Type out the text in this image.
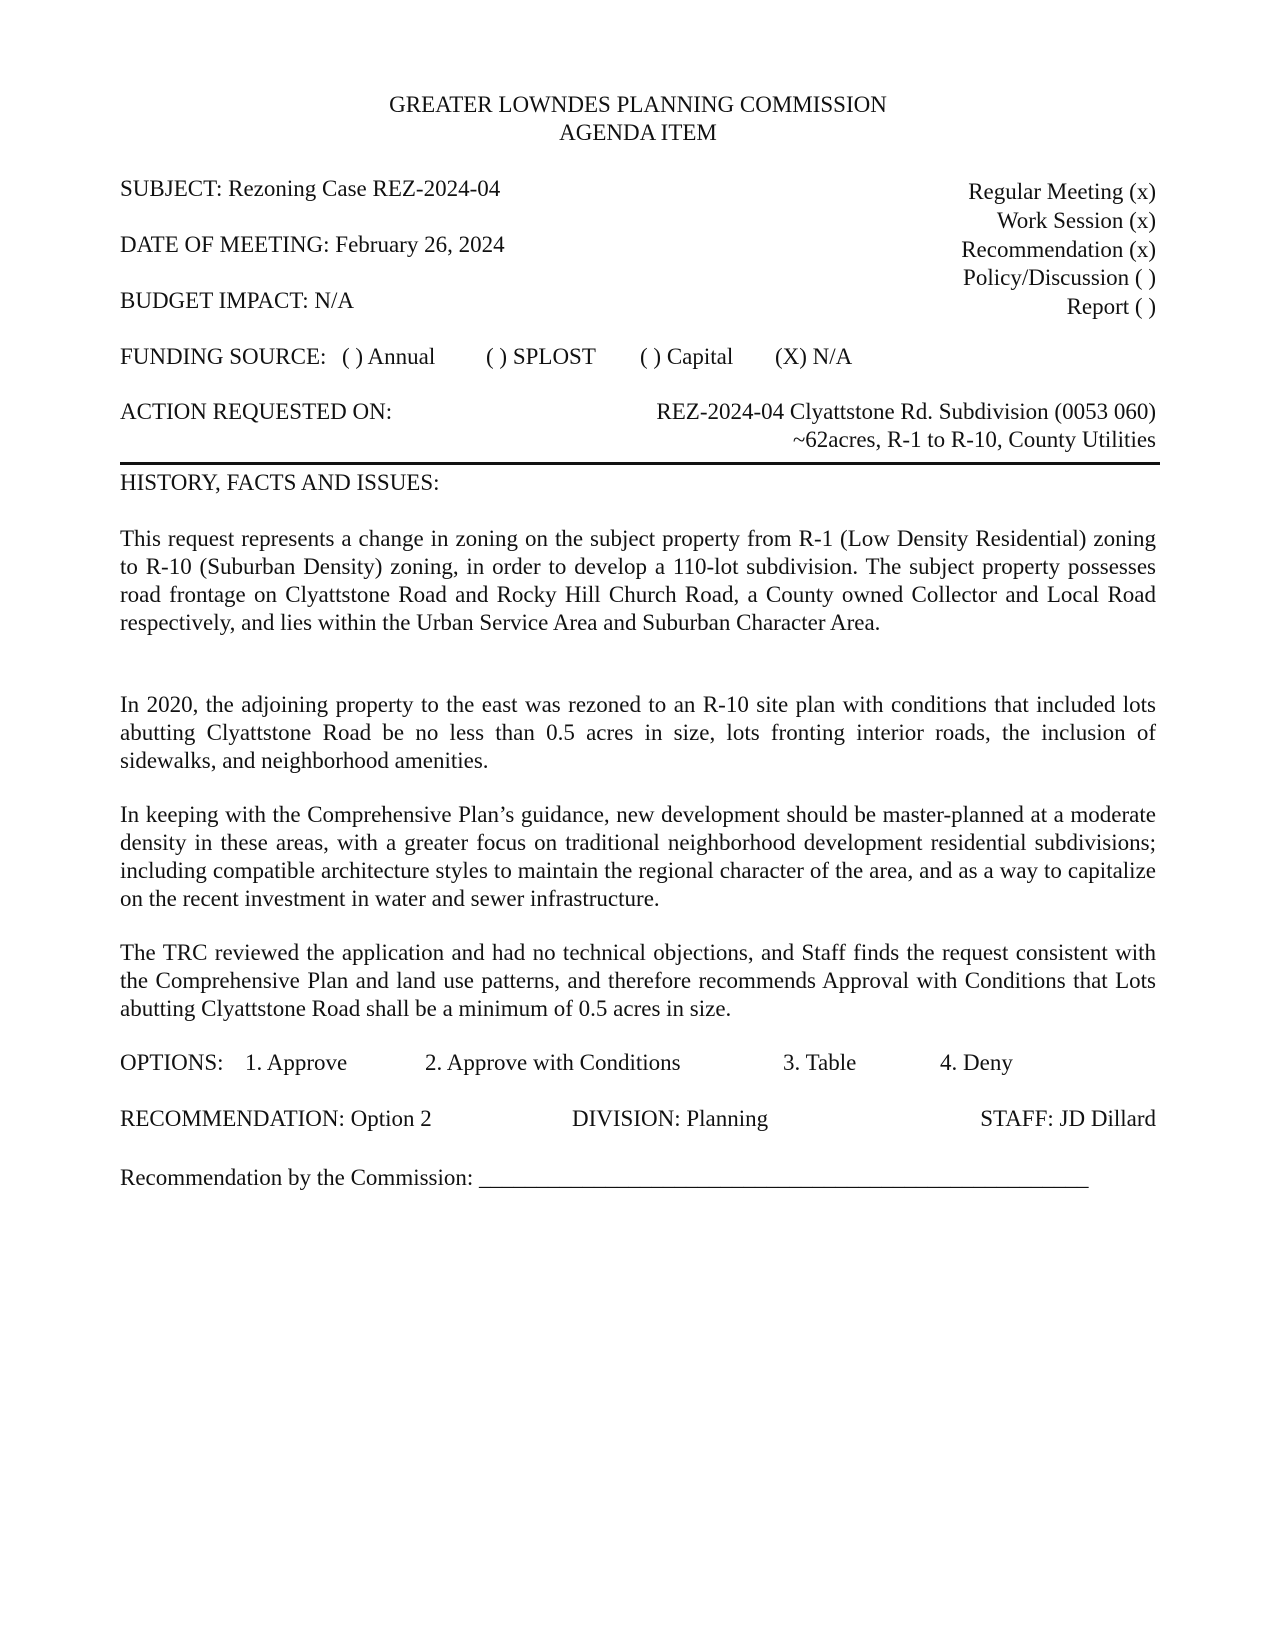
GREATER LOWNDES PLANNING COMMISSION
AGENDA ITEM
SUBJECT: Rezoning Case REZ-2024-04
DATE OF MEETING: February 26, 2024
BUDGET IMPACT: N/A
Regular Meeting (x)
Work Session (x)
Recommendation (x)
Policy/Discussion ( )
Report ( )
FUNDING SOURCE: ( ) Annual ( ) SPLOST ( ) Capital (X) N/A
ACTION REQUESTED ON:	REZ-2024-04 Clyattstone Rd. Subdivision (0053 060)
~62acres, R-1 to R-10, County Utilities
HISTORY, FACTS AND ISSUES:
This request represents a change in zoning on the subject property from R-1 (Low Density Residential) zoning to R-10 (Suburban Density) zoning, in order to develop a 110-lot subdivision. The subject property possesses road frontage on Clyattstone Road and Rocky Hill Church Road, a County owned Collector and Local Road respectively, and lies within the Urban Service Area and Suburban Character Area.
In 2020, the adjoining property to the east was rezoned to an R-10 site plan with conditions that included lots abutting Clyattstone Road be no less than 0.5 acres in size, lots fronting interior roads, the inclusion of sidewalks, and neighborhood amenities.
In keeping with the Comprehensive Plan’s guidance, new development should be master-planned at a moderate density in these areas, with a greater focus on traditional neighborhood development residential subdivisions; including compatible architecture styles to maintain the regional character of the area, and as a way to capitalize on the recent investment in water and sewer infrastructure.
The TRC reviewed the application and had no technical objections, and Staff finds the request consistent with the Comprehensive Plan and land use patterns, and therefore recommends Approval with Conditions that Lots abutting Clyattstone Road shall be a minimum of 0.5 acres in size.
OPTIONS: 1. Approve	2. Approve with Conditions	3. Table	4. Deny
RECOMMENDATION: Option 2	DIVISION: Planning	STAFF: JD Dillard
Recommendation by the Commission: _____________________________________________________
